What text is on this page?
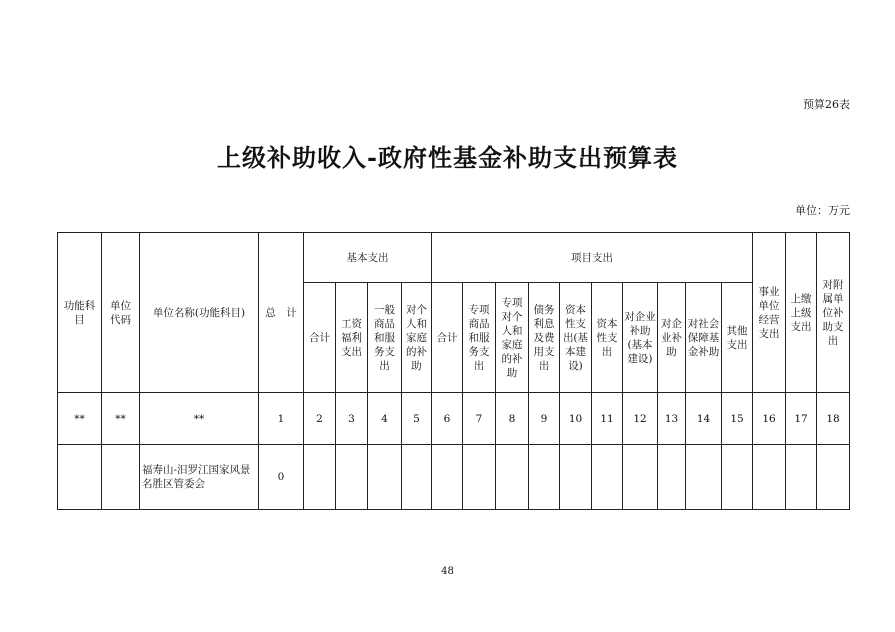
预算26表
上级补助收入-政府性基金补助支出预算表
单位：万元
功能科目	单位代码	单位名称(功能科目)	总　计	基本支出				项目支出										事业单位经营支出	上缴上级支出	对附属单位补助支出
				合计	工资福利支出	一般商品和服务支出	对个人和家庭的补助	合计	专项商品和服务支出	专项对个人和家庭的补助	债务利息及费用支出	资本性支出(基本建设)	资本性支出	对企业补助(基本建设)	对企业补助	对社会保障基金补助	其他支出			
**	**	**	1	2	3	4	5	6	7	8	9	10	11	12	13	14	15	16	17	18
		福寿山-汨罗江国家风景名胜区管委会	0																	
48
